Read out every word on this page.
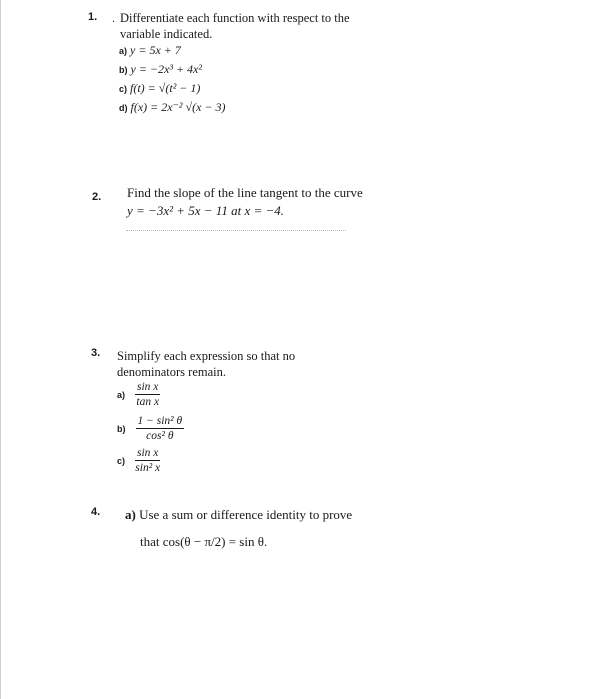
1. . Differentiate each function with respect to the
variable indicated.
a) y = 5x + 7
b) y = −2x³ + 4x²
c) f(t) = √(t² − 1)
d) f(x) = 2x⁻² √(x − 3)
2. Find the slope of the line tangent to the curve
y = −3x² + 5x − 11 at x = −4.
3. Simplify each expression so that no
denominators remain.
$a) \frac{\text{sin x}}{\text{tan x}}$
$b) \frac{\text{1 − sin² θ}}{\text{cos² θ}}$
$c) \frac{\text{sin x}}{\text{sin² x}}$
4. a) Use a sum or difference identity to prove
that cos(θ − π/2) = sin θ.
